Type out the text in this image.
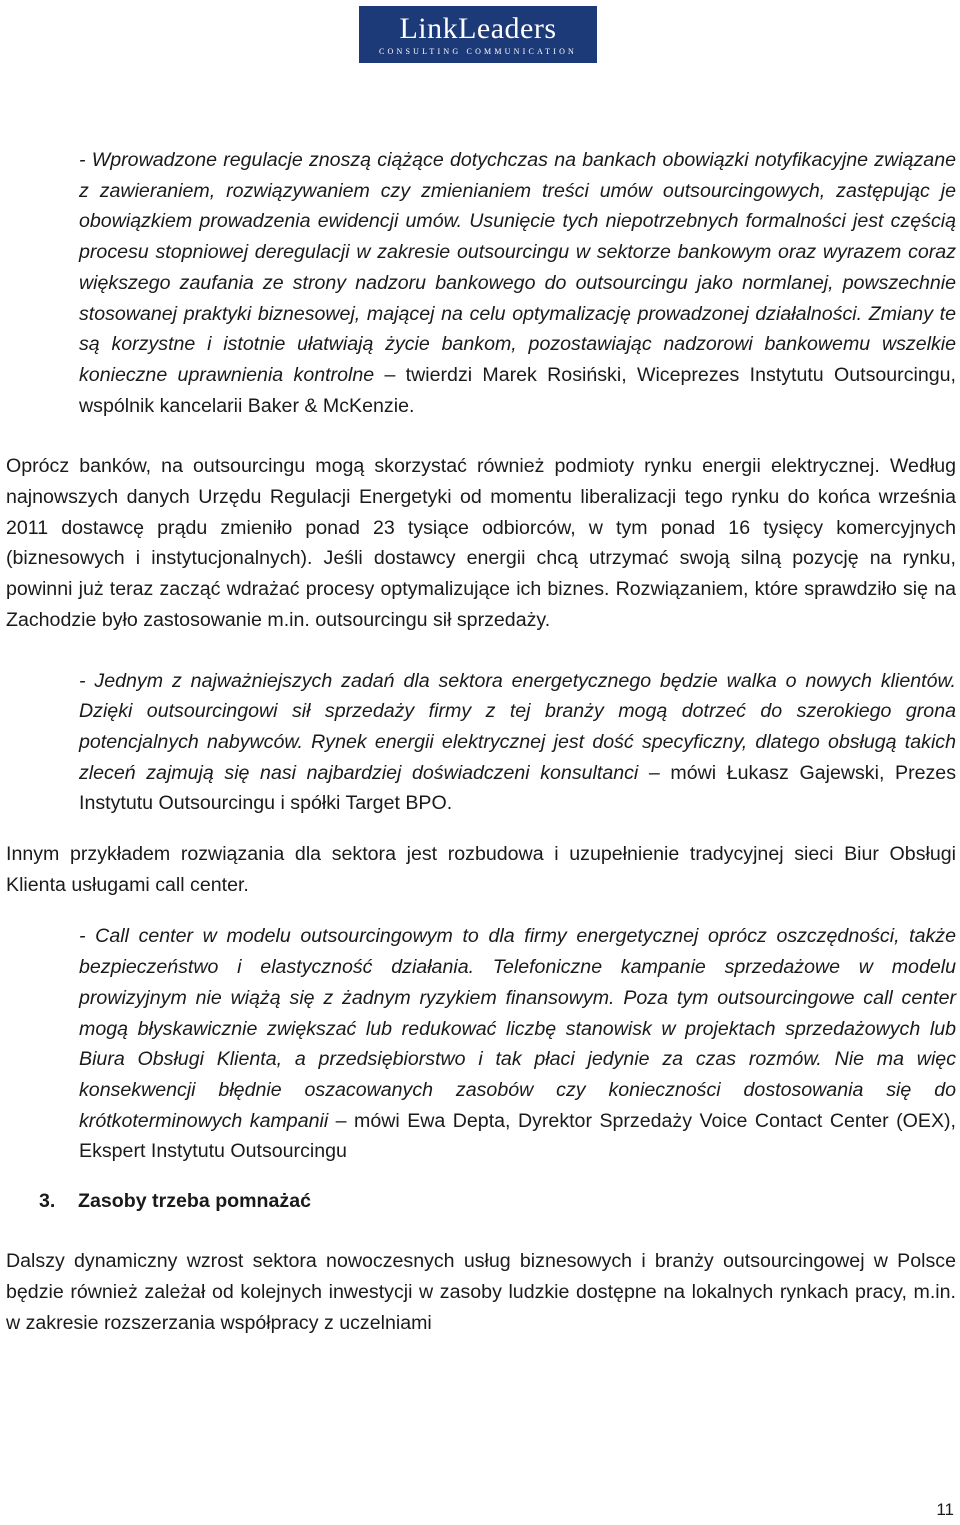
LinkLeaders
CONSULTING COMMUNICATION

- Wprowadzone regulacje znoszą ciążące dotychczas na bankach obowiązki notyfikacyjne związane z zawieraniem, rozwiązywaniem czy zmienianiem treści umów outsourcingowych, zastępując je obowiązkiem prowadzenia ewidencji umów. Usunięcie tych niepotrzebnych formalności jest częścią procesu stopniowej deregulacji w zakresie outsourcingu w sektorze bankowym oraz wyrazem coraz większego zaufania ze strony nadzoru bankowego do outsourcingu jako normlanej, powszechnie stosowanej praktyki biznesowej, mającej na celu optymalizację prowadzonej działalności. Zmiany te są korzystne i istotnie ułatwiają życie bankom, pozostawiając nadzorowi bankowemu wszelkie konieczne uprawnienia kontrolne – twierdzi Marek Rosiński, Wiceprezes Instytutu Outsourcingu, wspólnik kancelarii Baker & McKenzie.

Oprócz banków, na outsourcingu mogą skorzystać również podmioty rynku energii elektrycznej. Według najnowszych danych Urzędu Regulacji Energetyki od momentu liberalizacji tego rynku do końca września 2011 dostawcę prądu zmieniło ponad 23 tysiące odbiorców, w tym ponad 16 tysięcy komercyjnych (biznesowych i instytucjonalnych). Jeśli dostawcy energii chcą utrzymać swoją silną pozycję na rynku, powinni już teraz zacząć wdrażać procesy optymalizujące ich biznes. Rozwiązaniem, które sprawdziło się na Zachodzie było zastosowanie m.in. outsourcingu sił sprzedaży.

- Jednym z najważniejszych zadań dla sektora energetycznego będzie walka o nowych klientów. Dzięki outsourcingowi sił sprzedaży firmy z tej branży mogą dotrzeć do szerokiego grona potencjalnych nabywców. Rynek energii elektrycznej jest dość specyficzny, dlatego obsługą takich zleceń zajmują się nasi najbardziej doświadczeni konsultanci – mówi Łukasz Gajewski, Prezes Instytutu Outsourcingu i spółki Target BPO.

Innym przykładem rozwiązania dla sektora jest rozbudowa i uzupełnienie tradycyjnej sieci Biur Obsługi Klienta usługami call center.

- Call center w modelu outsourcingowym to dla firmy energetycznej oprócz oszczędności, także bezpieczeństwo i elastyczność działania. Telefoniczne kampanie sprzedażowe w modelu prowizyjnym nie wiążą się z żadnym ryzykiem finansowym. Poza tym outsourcingowe call center mogą błyskawicznie zwiększać lub redukować liczbę stanowisk w projektach sprzedażowych lub Biura Obsługi Klienta, a przedsiębiorstwo i tak płaci jedynie za czas rozmów. Nie ma więc konsekwencji błędnie oszacowanych zasobów czy konieczności dostosowania się do krótkoterminowych kampanii – mówi Ewa Depta, Dyrektor Sprzedaży Voice Contact Center (OEX), Ekspert Instytutu Outsourcingu

3. Zasoby trzeba pomnażać

Dalszy dynamiczny wzrost sektora nowoczesnych usług biznesowych i branży outsourcingowej w Polsce będzie również zależał od kolejnych inwestycji w zasoby ludzkie dostępne na lokalnych rynkach pracy, m.in. w zakresie rozszerzania współpracy z uczelniami

11
